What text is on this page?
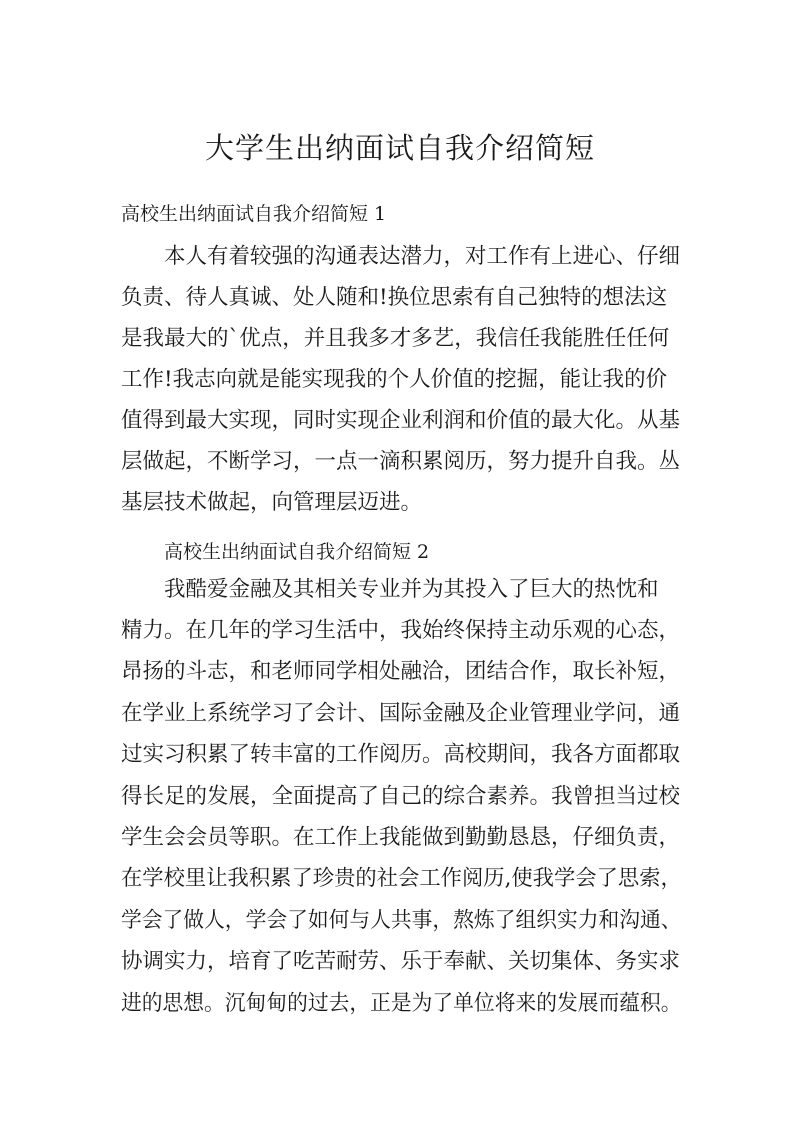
大学生出纳面试自我介绍简短
高校生出纳面试自我介绍简短 1
　　本人有着较强的沟通表达潜力，对工作有上进心、仔细
负责、待人真诚、处人随和!换位思索有自己独特的想法这
是我最大的`优点，并且我多才多艺，我信任我能胜任任何
工作!我志向就是能实现我的个人价值的挖掘，能让我的价
值得到最大实现，同时实现企业利润和价值的最大化。从基
层做起，不断学习，一点一滴积累阅历，努力提升自我。丛
基层技术做起，向管理层迈进。
高校生出纳面试自我介绍简短 2
　　我酷爱金融及其相关专业并为其投入了巨大的热忱和
精力。在几年的学习生活中，我始终保持主动乐观的心态，
昂扬的斗志，和老师同学相处融洽，团结合作，取长补短，
在学业上系统学习了会计、国际金融及企业管理业学问，通
过实习积累了转丰富的工作阅历。高校期间，我各方面都取
得长足的发展，全面提高了自己的综合素养。我曾担当过校
学生会会员等职。在工作上我能做到勤勤恳恳，仔细负责，
在学校里让我积累了珍贵的社会工作阅历,使我学会了思索，
学会了做人，学会了如何与人共事，熬炼了组织实力和沟通、
协调实力，培育了吃苦耐劳、乐于奉献、关切集体、务实求
进的思想。沉甸甸的过去，正是为了单位将来的发展而蕴积。
